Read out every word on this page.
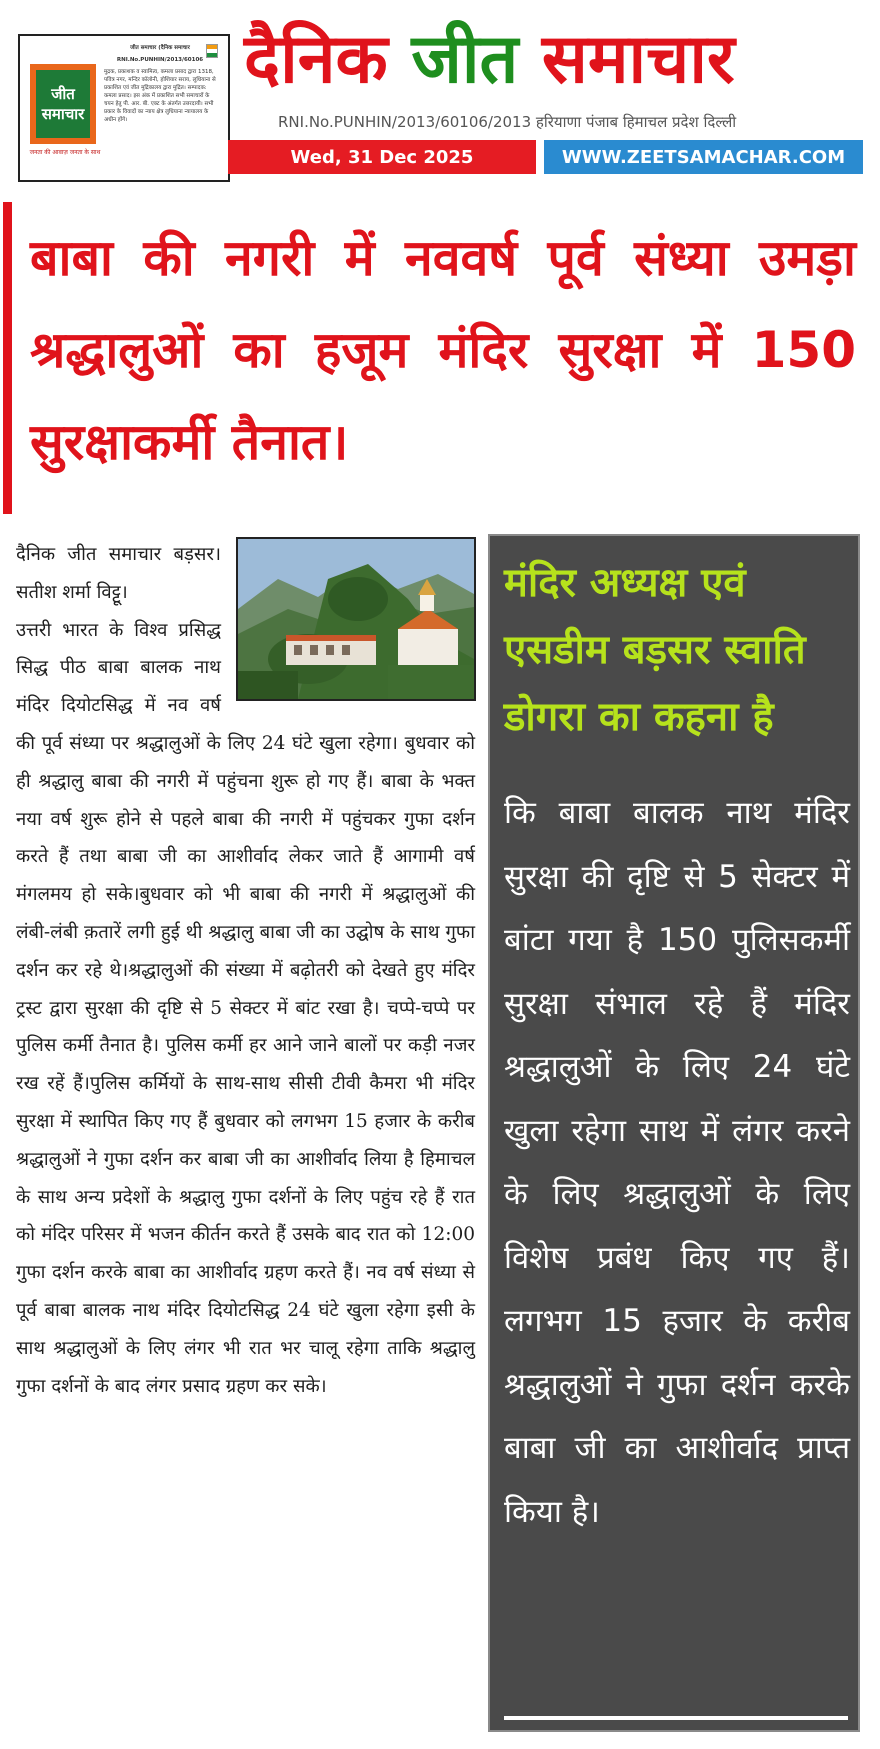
जीत
समाचार
जनता की आवाज़ जनता के साथ
जीत समाचार (दैनिक समाचार
RNI.No.PUNHIN/2013/60106
मुद्रक, प्रकाशक व स्वामित्व, कमला प्रसाद द्वारा 1318, पवित्र नगर, मन्दिर कॉलोनी, होशियार सराय, लुधियाना से प्रकाशित एवं जीत मुद्रिकालय द्वारा मुद्रित। सम्पादक: कमला प्रसाद। इस अंक में प्रकाशित सभी समाचारों के चयन हेतु पी. आर. बी. एक्ट के अंतर्गत उत्तरदायी। सभी प्रकार के विवादों का न्याय क्षेत्र लुधियाना न्यायालय के अधीन होंगे।
दैनिक जीत समाचार
RNI.No.PUNHIN/2013/60106/2013 हरियाणा पंजाब हिमाचल प्रदेश दिल्ली
Wed, 31 Dec 2025	WWW.ZEETSAMACHAR.COM
बाबा की नगरी में नववर्ष पूर्व संध्या उमड़ा श्रद्धालुओं का हजूम मंदिर सुरक्षा में 150 सुरक्षाकर्मी तैनात।

दैनिक जीत समाचार बड़सर। सतीश शर्मा विट्टू।

उत्तरी भारत के विश्व प्रसिद्ध सिद्ध पीठ बाबा बालक नाथ मंदिर दियोटसिद्ध में नव वर्ष की पूर्व संध्या पर श्रद्धालुओं के लिए 24 घंटे खुला रहेगा। बुधवार को ही श्रद्धालु बाबा की नगरी में पहुंचना शुरू हो गए हैं। बाबा के भक्त नया वर्ष शुरू होने से पहले बाबा की नगरी में पहुंचकर गुफा दर्शन करते हैं तथा बाबा जी का आशीर्वाद लेकर जाते हैं आगामी वर्ष मंगलमय हो सके।बुधवार को भी बाबा की नगरी में श्रद्धालुओं की लंबी-लंबी क़तारें लगी हुई थी श्रद्धालु बाबा जी का उद्घोष के साथ गुफा दर्शन कर रहे थे।श्रद्धालुओं की संख्या में बढ़ोतरी को देखते हुए मंदिर ट्रस्ट द्वारा सुरक्षा की दृष्टि से 5 सेक्टर में बांट रखा है। चप्पे-चप्पे पर पुलिस कर्मी तैनात है। पुलिस कर्मी हर आने जाने बालों पर कड़ी नजर रख रहें हैं।पुलिस कर्मियों के साथ-साथ सीसी टीवी कैमरा भी मंदिर सुरक्षा में स्थापित किए गए हैं बुधवार को लगभग 15 हजार के करीब श्रद्धालुओं ने गुफा दर्शन कर बाबा जी का आशीर्वाद लिया है हिमाचल के साथ अन्य प्रदेशों के श्रद्धालु गुफा दर्शनों के लिए पहुंच रहे हैं रात को मंदिर परिसर में भजन कीर्तन करते हैं उसके बाद रात को 12:00 गुफा दर्शन करके बाबा का आशीर्वाद ग्रहण करते हैं। नव वर्ष संध्या से पूर्व बाबा बालक नाथ मंदिर दियोटसिद्ध 24 घंटे खुला रहेगा इसी के साथ श्रद्धालुओं के लिए लंगर भी रात भर चालू रहेगा ताकि श्रद्धालु गुफा दर्शनों के बाद लंगर प्रसाद ग्रहण कर सके।

मंदिर अध्यक्ष एवं एसडीम बड़सर स्वाति डोगरा का कहना है

कि बाबा बालक नाथ मंदिर सुरक्षा की दृष्टि से 5 सेक्टर में बांटा गया है 150 पुलिसकर्मी सुरक्षा संभाल रहे हैं मंदिर श्रद्धालुओं के लिए 24 घंटे खुला रहेगा साथ में लंगर करने के लिए श्रद्धालुओं के लिए विशेष प्रबंध किए गए हैं।लगभग 15 हजार के करीब श्रद्धालुओं ने गुफा दर्शन करके बाबा जी का आशीर्वाद प्राप्त किया है।
